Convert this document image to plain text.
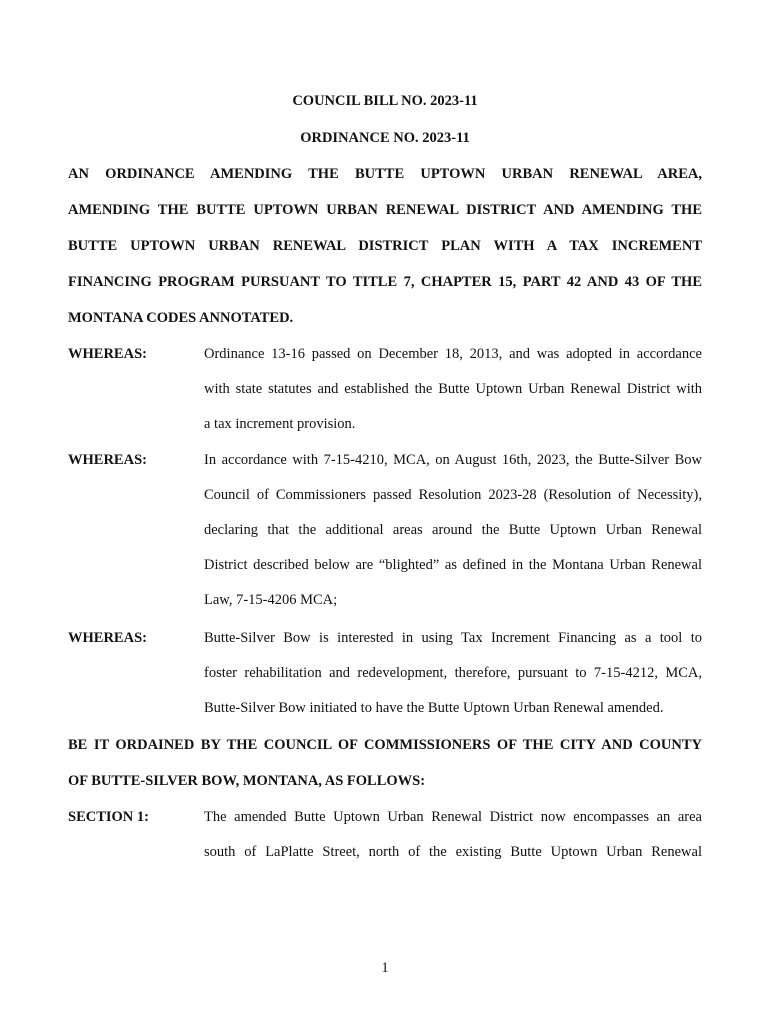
COUNCIL BILL NO. 2023-11
ORDINANCE NO. 2023-11
AN ORDINANCE AMENDING THE BUTTE UPTOWN URBAN RENEWAL AREA,
AMENDING THE BUTTE UPTOWN URBAN RENEWAL DISTRICT AND AMENDING THE
BUTTE UPTOWN URBAN RENEWAL DISTRICT PLAN WITH A TAX INCREMENT
FINANCING PROGRAM PURSUANT TO TITLE 7, CHAPTER 15, PART 42 AND 43 OF THE
MONTANA CODES ANNOTATED.
WHEREAS:	Ordinance 13-16 passed on December 18, 2013, and was adopted in accordance
with state statutes and established the Butte Uptown Urban Renewal District with
a tax increment provision.
WHEREAS:	In accordance with 7-15-4210, MCA, on August 16th, 2023, the Butte-Silver Bow
Council of Commissioners passed Resolution 2023-28 (Resolution of Necessity),
declaring that the additional areas around the Butte Uptown Urban Renewal
District described below are “blighted” as defined in the Montana Urban Renewal
Law, 7-15-4206 MCA;
WHEREAS:	Butte-Silver Bow is interested in using Tax Increment Financing as a tool to
foster rehabilitation and redevelopment, therefore, pursuant to 7-15-4212, MCA,
Butte-Silver Bow initiated to have the Butte Uptown Urban Renewal amended.
BE IT ORDAINED BY THE COUNCIL OF COMMISSIONERS OF THE CITY AND COUNTY
OF BUTTE-SILVER BOW, MONTANA, AS FOLLOWS:
SECTION 1:	The amended Butte Uptown Urban Renewal District now encompasses an area
south of LaPlatte Street, north of the existing Butte Uptown Urban Renewal
1
